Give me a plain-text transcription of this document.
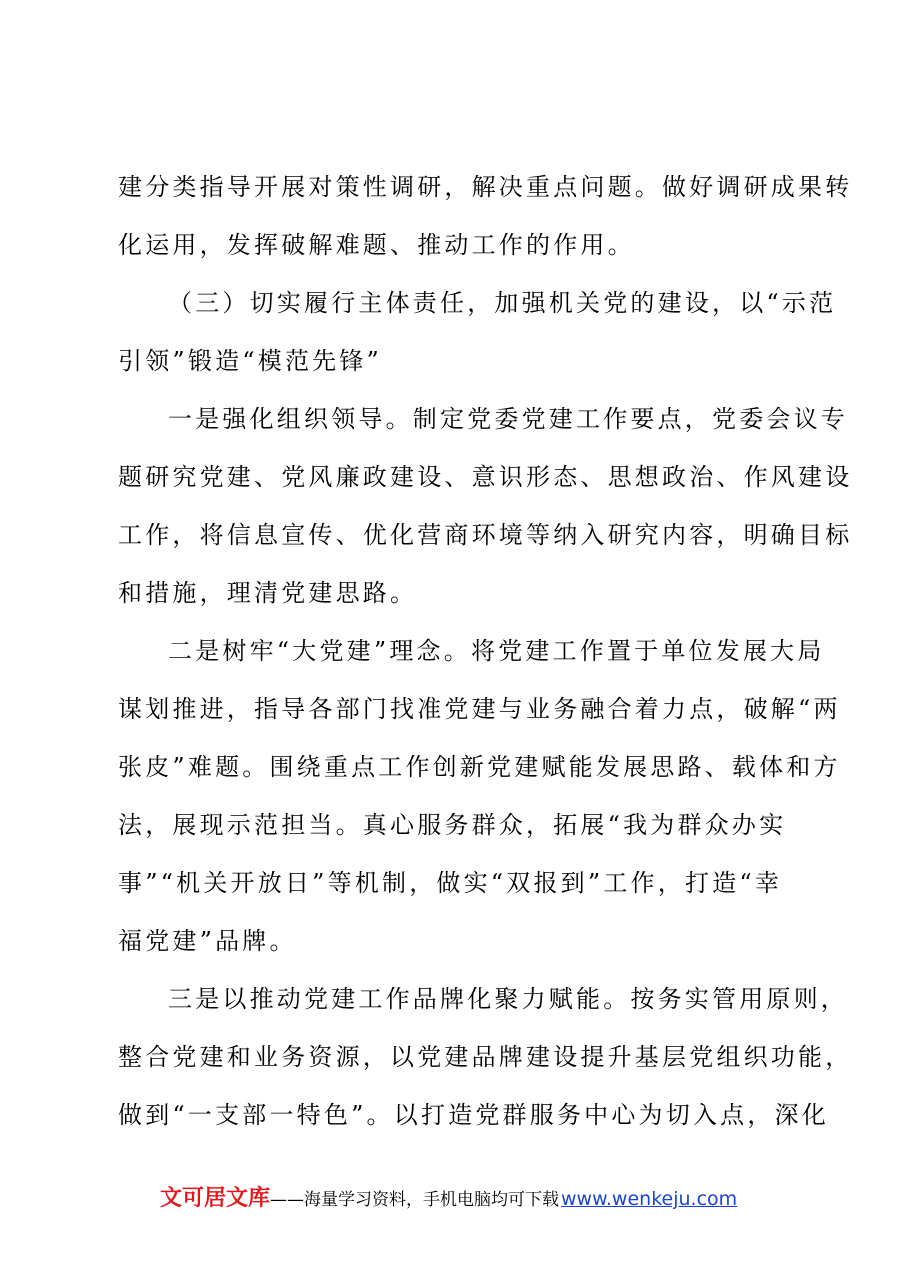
建分类指导开展对策性调研，解决重点问题。做好调研成果转
化运用，发挥破解难题、推动工作的作用。
（三）切实履行主体责任，加强机关党的建设，以“示范
引领”锻造“模范先锋”
一是强化组织领导。制定党委党建工作要点，党委会议专
题研究党建、党风廉政建设、意识形态、思想政治、作风建设
工作，将信息宣传、优化营商环境等纳入研究内容，明确目标
和措施，理清党建思路。
二是树牢“大党建”理念。将党建工作置于单位发展大局
谋划推进，指导各部门找准党建与业务融合着力点，破解“两
张皮”难题。围绕重点工作创新党建赋能发展思路、载体和方
法，展现示范担当。真心服务群众，拓展“我为群众办实
事”“机关开放日”等机制，做实“双报到”工作，打造“幸
福党建”品牌。
三是以推动党建工作品牌化聚力赋能。按务实管用原则，
整合党建和业务资源，以党建品牌建设提升基层党组织功能，
做到“一支部一特色”。以打造党群服务中心为切入点，深化
文可居文库 ——海量学习资料，手机电脑均可下载 www.wenkeju.com
